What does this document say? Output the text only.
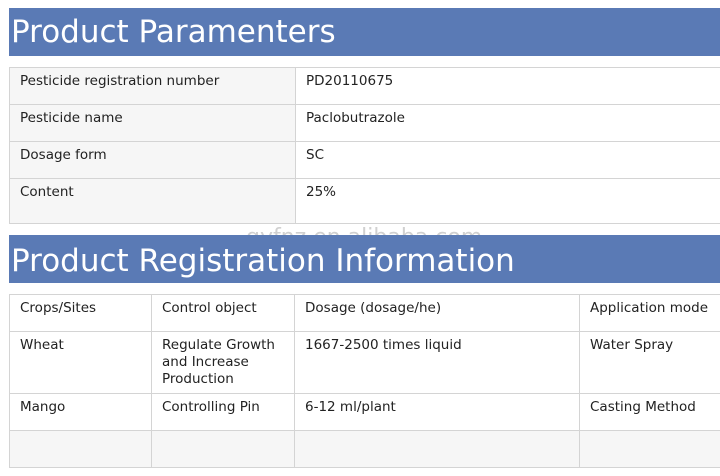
Product Paramenters
Pesticide registration number	PD20110675
Pesticide name	Paclobutrazole
Dosage form	SC
Content	25%
Product Registration Information
Crops/Sites	Control object	Dosage (dosage/he)	Application mode
Wheat	Regulate Growth and Increase Production	1667-2500 times liquid	Water Spray
Mango	Controlling Pin	6-12 ml/plant	Casting Method
